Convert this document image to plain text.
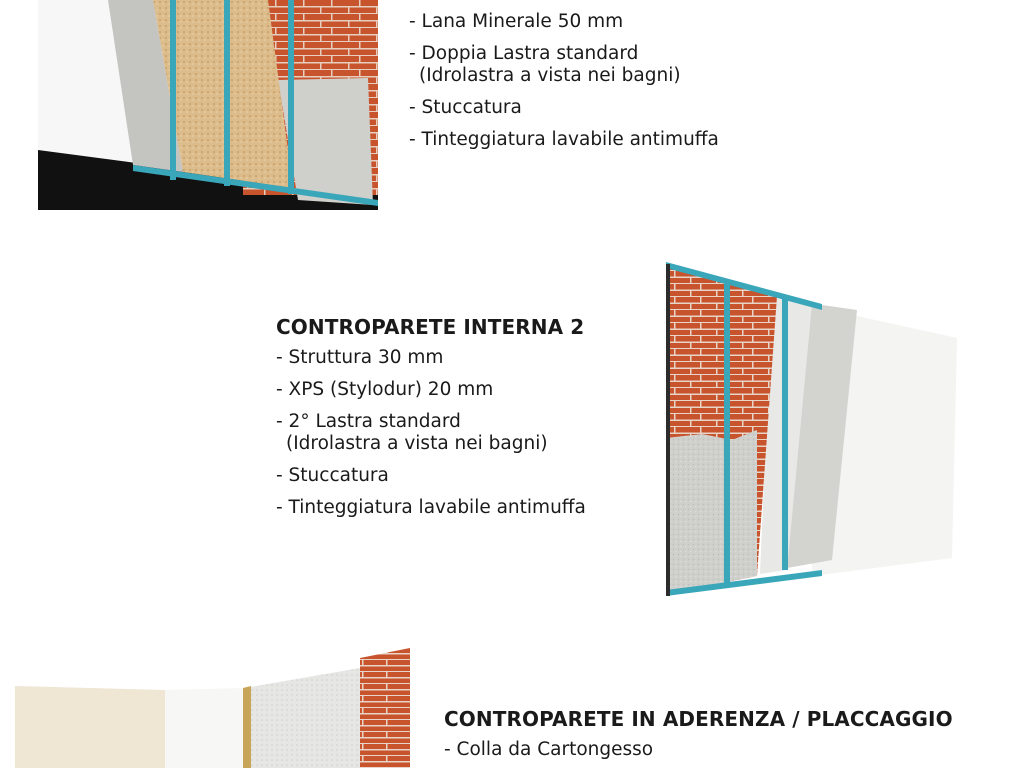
- Lana Minerale 50 mm
- Doppia Lastra standard
(Idrolastra a vista nei bagni)
- Stuccatura
- Tinteggiatura lavabile antimuffa
CONTROPARETE INTERNA 2
- Struttura 30 mm
- XPS (Stylodur) 20 mm
- 2° Lastra standard
(Idrolastra a vista nei bagni)
- Stuccatura
- Tinteggiatura lavabile antimuffa
CONTROPARETE IN ADERENZA / PLACCAGGIO
- Colla da Cartongesso
